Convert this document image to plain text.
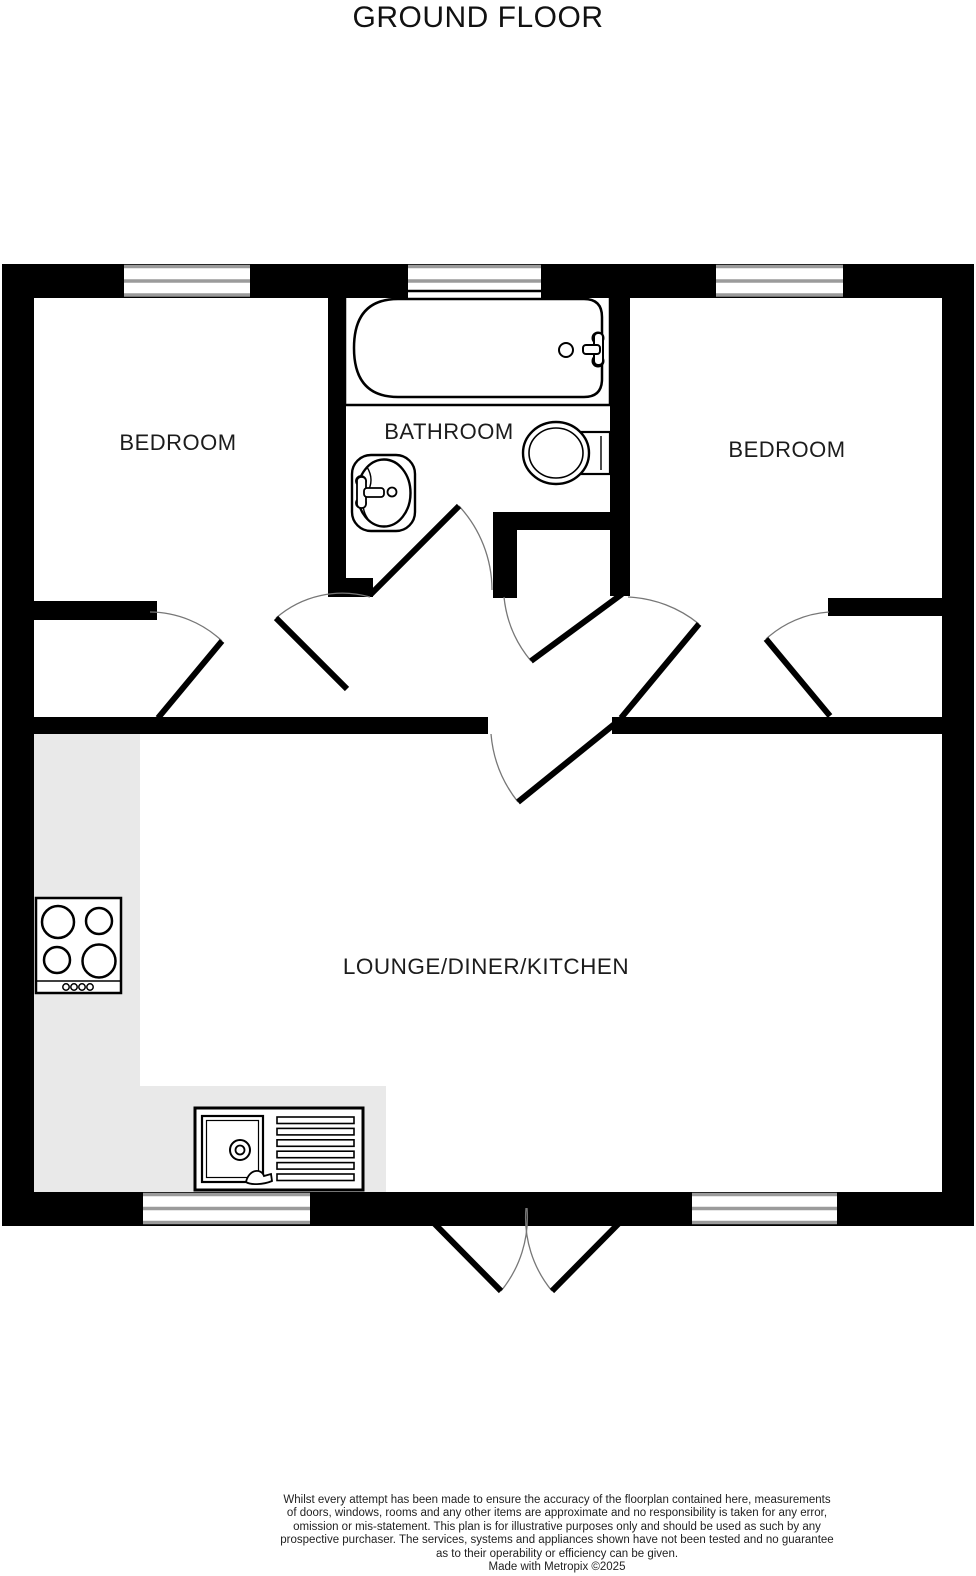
GROUND FLOOR
BEDROOM	BATHROOM
BEDROOM
LOUNGE/DINER/KITCHEN
Whilst every attempt has been made to ensure the accuracy of the floorplan contained here, measurements
of doors, windows, rooms and any other items are approximate and no responsibility is taken for any error,
omission or mis-statement. This plan is for illustrative purposes only and should be used as such by any
prospective purchaser. The services, systems and appliances shown have not been tested and no guarantee
as to their operability or efficiency can be given.
Made with Metropix ©2025
